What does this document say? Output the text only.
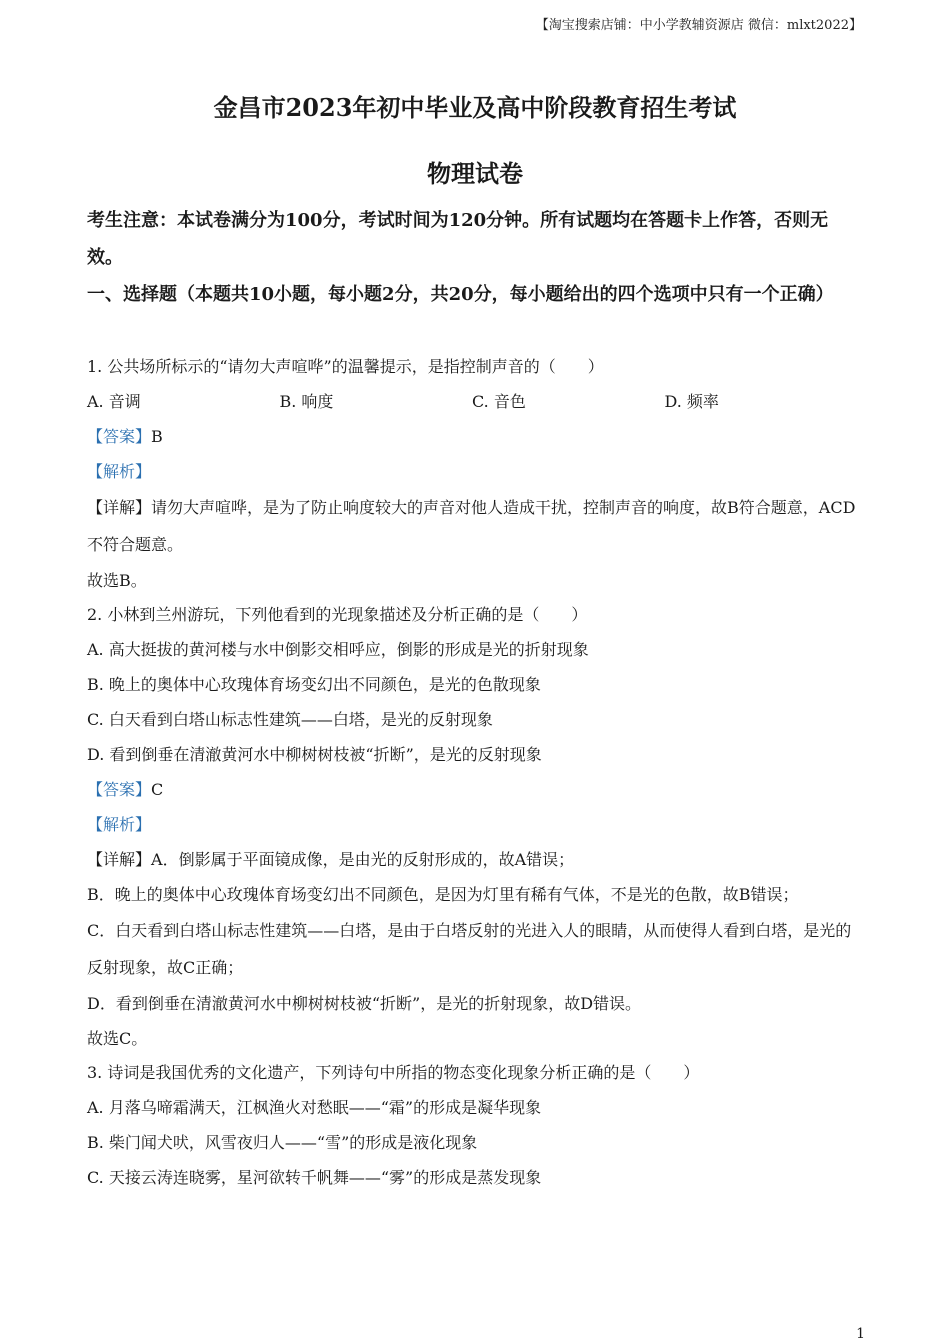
【淘宝搜索店铺：中小学教辅资源店 微信：mlxt2022】
金昌市2023年初中毕业及高中阶段教育招生考试
物理试卷
考生注意：本试卷满分为100分，考试时间为120分钟。所有试题均在答题卡上作答，否则无效。
一、选择题（本题共10小题，每小题2分，共20分，每小题给出的四个选项中只有一个正确）
1. 公共场所标示的“请勿大声喧哗”的温馨提示，是指控制声音的（　　）
A. 音调	B. 响度	C. 音色	D. 频率
【答案】B
【解析】
【详解】请勿大声喧哗，是为了防止响度较大的声音对他人造成干扰，控制声音的响度，故B符合题意，ACD不符合题意。
故选B。
2. 小林到兰州游玩，下列他看到的光现象描述及分析正确的是（　　）
A. 高大挺拔的黄河楼与水中倒影交相呼应，倒影的形成是光的折射现象
B. 晚上的奥体中心玫瑰体育场变幻出不同颜色，是光的色散现象
C. 白天看到白塔山标志性建筑——白塔，是光的反射现象
D. 看到倒垂在清澈黄河水中柳树树枝被“折断”，是光的反射现象
【答案】C
【解析】
【详解】A．倒影属于平面镜成像，是由光的反射形成的，故A错误；
B．晚上的奥体中心玫瑰体育场变幻出不同颜色，是因为灯里有稀有气体，不是光的色散，故B错误；
C．白天看到白塔山标志性建筑——白塔，是由于白塔反射的光进入人的眼睛，从而使得人看到白塔，是光的反射现象，故C正确；
D．看到倒垂在清澈黄河水中柳树树枝被“折断”，是光的折射现象，故D错误。
故选C。
3. 诗词是我国优秀的文化遗产，下列诗句中所指的物态变化现象分析正确的是（　　）
A. 月落乌啼霜满天，江枫渔火对愁眠——“霜”的形成是凝华现象
B. 柴门闻犬吠，风雪夜归人——“雪”的形成是液化现象
C. 天接云涛连晓雾，星河欲转千帆舞——“雾”的形成是蒸发现象
1
